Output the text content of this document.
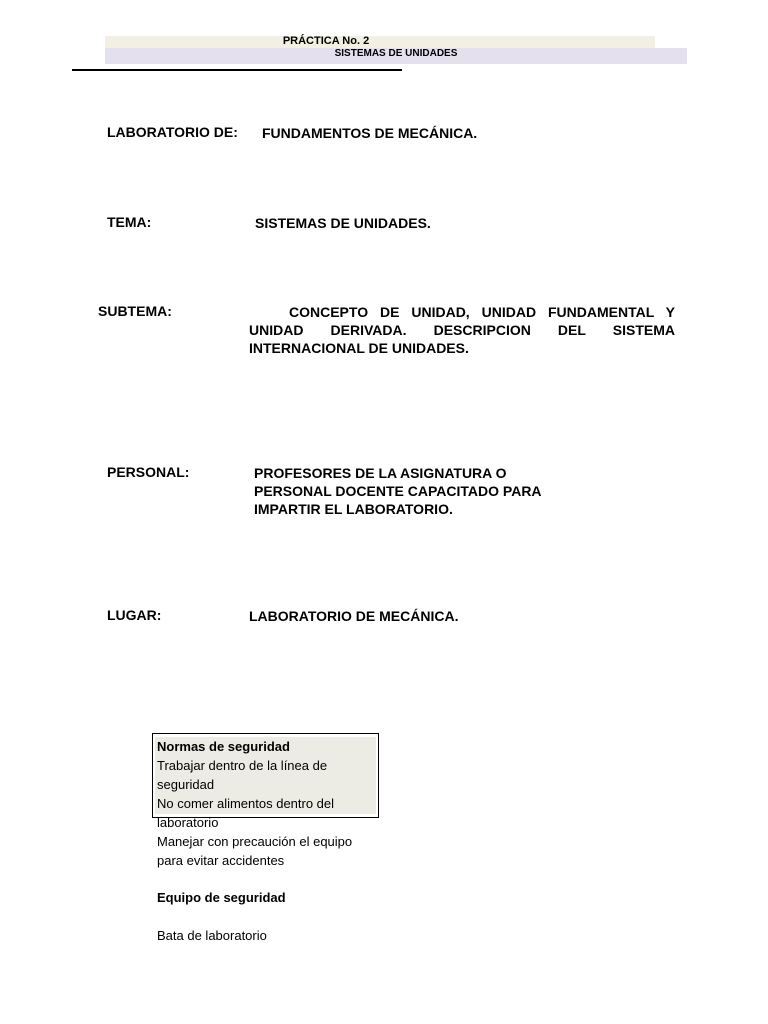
PRÁCTICA No. 2
SISTEMAS DE UNIDADES
LABORATORIO DE: FUNDAMENTOS DE MECÁNICA.
TEMA:	SISTEMAS DE UNIDADES.
SUBTEMA:	CONCEPTO DE UNIDAD, UNIDAD FUNDAMENTAL Y UNIDAD DERIVADA. DESCRIPCION DEL SISTEMA INTERNACIONAL DE UNIDADES.
PERSONAL:	PROFESORES DE LA ASIGNATURA O
PERSONAL DOCENTE CAPACITADO PARA
IMPARTIR EL LABORATORIO.
LUGAR:	LABORATORIO DE MECÁNICA.
Normas de seguridad
Trabajar dentro de la línea de
seguridad
No comer alimentos dentro del
laboratorio
Manejar con precaución el equipo
para evitar accidentes
Equipo de seguridad
Bata de laboratorio
